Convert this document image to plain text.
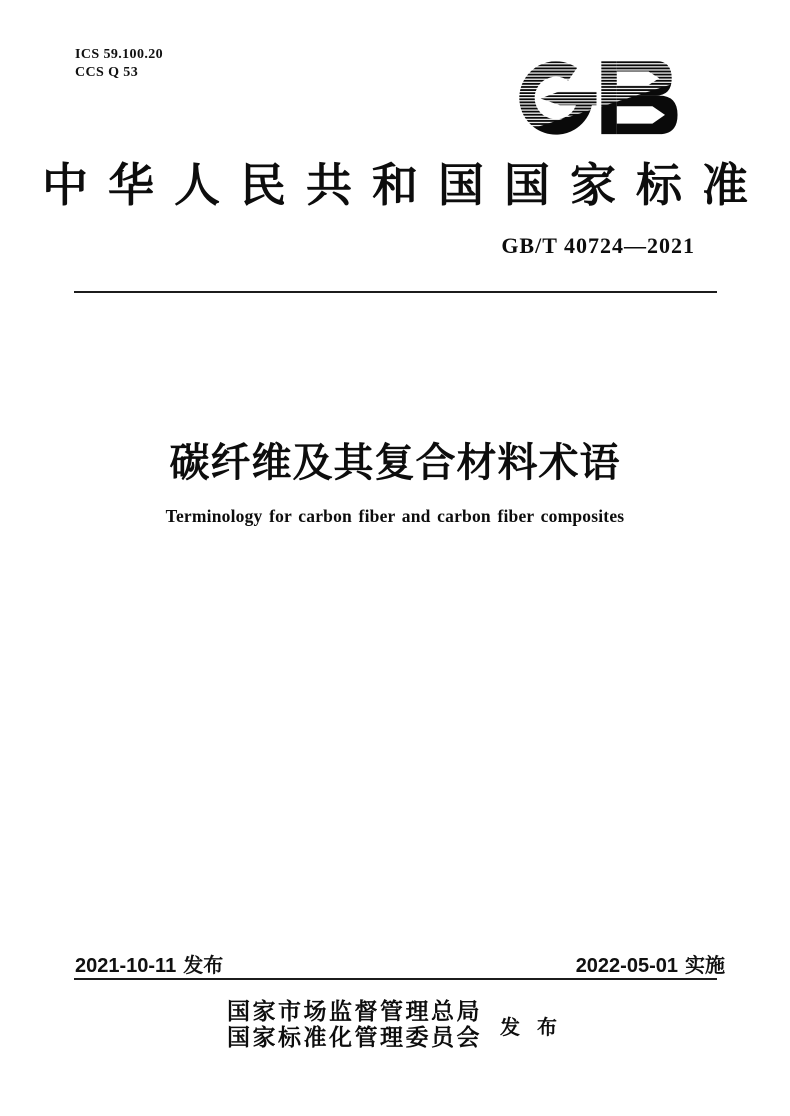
ICS 59.100.20
CCS Q 53
中华人民共和国国家标准
GB/T 40724—2021
碳纤维及其复合材料术语
Terminology for carbon fiber and carbon fiber composites
2021-10-11 发布	2022-05-01 实施
国家市场监督管理总局
国家标准化管理委员会 发 布
